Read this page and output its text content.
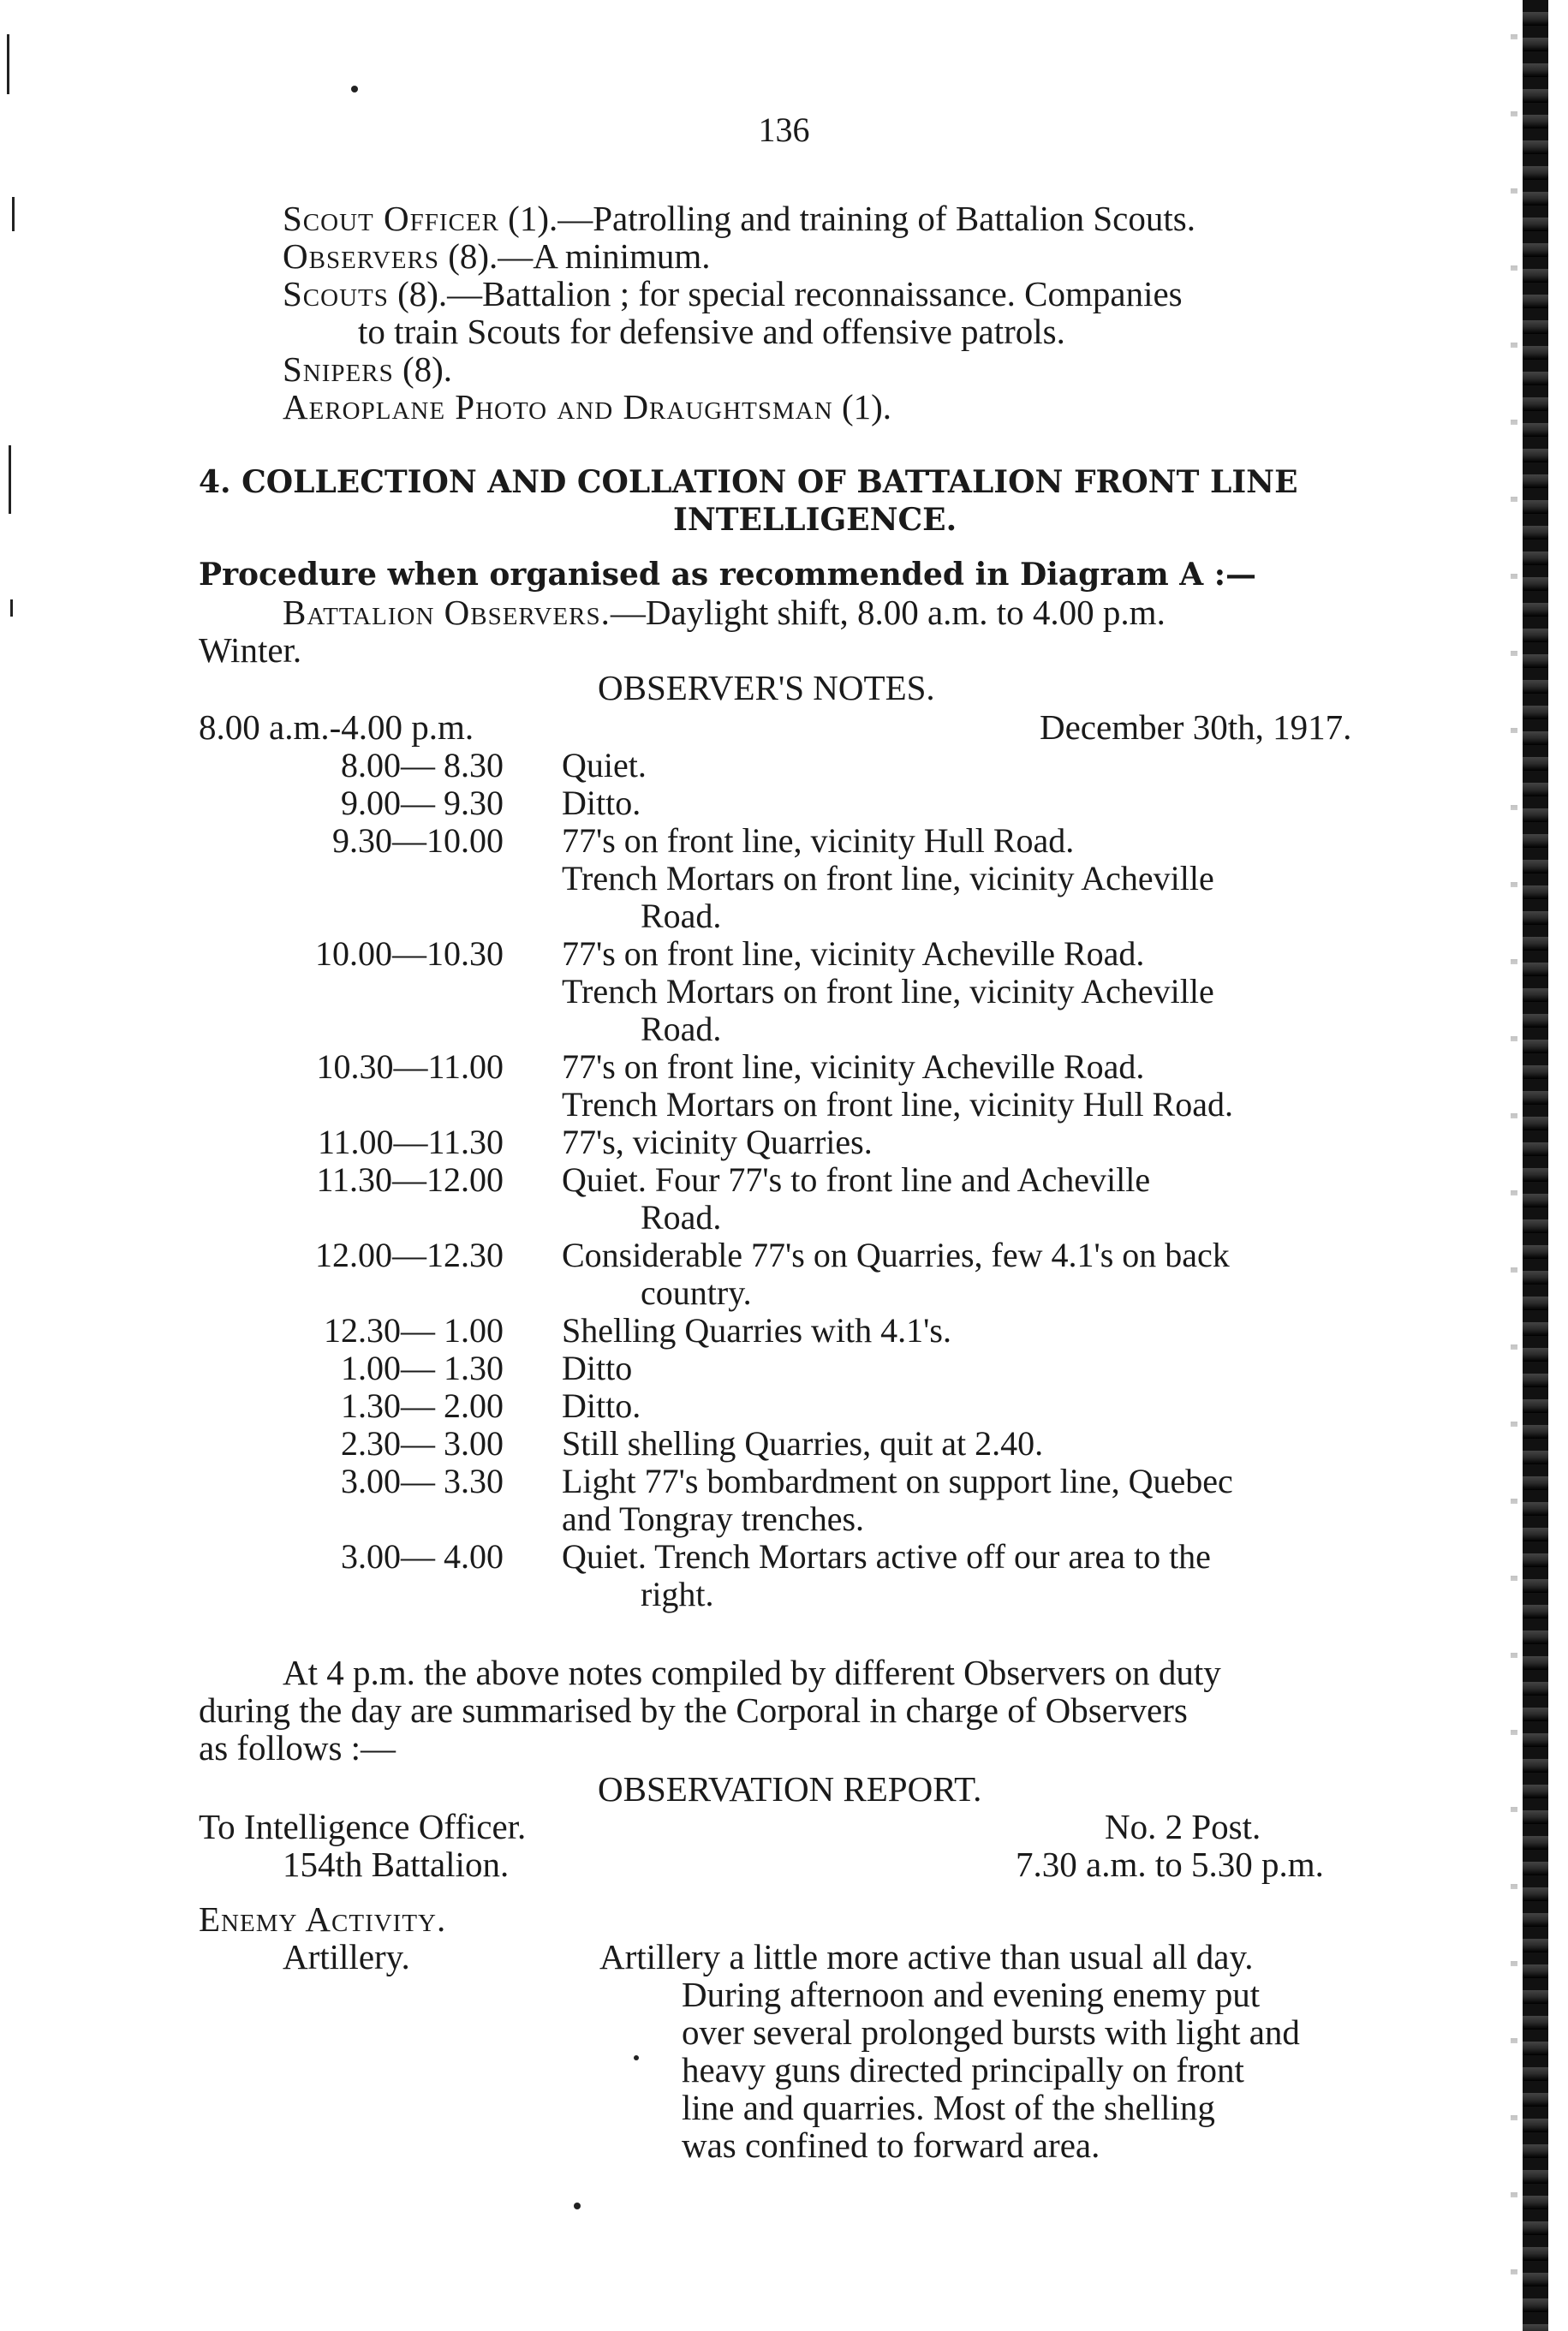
136
Scout Officer (1).—Patrolling and training of Battalion Scouts.
Observers (8).—A minimum.
Scouts (8).—Battalion ; for special reconnaissance. Companies
to train Scouts for defensive and offensive patrols.
Snipers (8).
Aeroplane Photo and Draughtsman (1).
4. COLLECTION AND COLLATION OF BATTALION FRONT LINE
INTELLIGENCE.
Procedure when organised as recommended in Diagram A :—
Battalion Observers.—Daylight shift, 8.00 a.m. to 4.00 p.m.
Winter.
OBSERVER'S NOTES.
8.00 a.m.-4.00 p.m.	December 30th, 1917.
8.00— 8.30 Quiet.
9.00— 9.30 Ditto.
9.30—10.00 77's on front line, vicinity Hull Road.
Trench Mortars on front line, vicinity Acheville
Road.
10.00—10.30 77's on front line, vicinity Acheville Road.
Trench Mortars on front line, vicinity Acheville
Road.
10.30—11.00 77's on front line, vicinity Acheville Road.
Trench Mortars on front line, vicinity Hull Road.
11.00—11.30 77's, vicinity Quarries.
11.30—12.00 Quiet. Four 77's to front line and Acheville
Road.
12.00—12.30 Considerable 77's on Quarries, few 4.1's on back
country.
12.30— 1.00 Shelling Quarries with 4.1's.
1.00— 1.30 Ditto
1.30— 2.00 Ditto.
2.30— 3.00 Still shelling Quarries, quit at 2.40.
3.00— 3.30 Light 77's bombardment on support line, Quebec
and Tongray trenches.
3.00— 4.00 Quiet. Trench Mortars active off our area to the
right.
At 4 p.m. the above notes compiled by different Observers on duty
during the day are summarised by the Corporal in charge of Observers
as follows :—
OBSERVATION REPORT.
To Intelligence Officer.	No. 2 Post.
154th Battalion.	7.30 a.m. to 5.30 p.m.
Enemy Activity.
Artillery.	Artillery a little more active than usual all day.
During afternoon and evening enemy put
over several prolonged bursts with light and
heavy guns directed principally on front
line and quarries. Most of the shelling
was confined to forward area.
